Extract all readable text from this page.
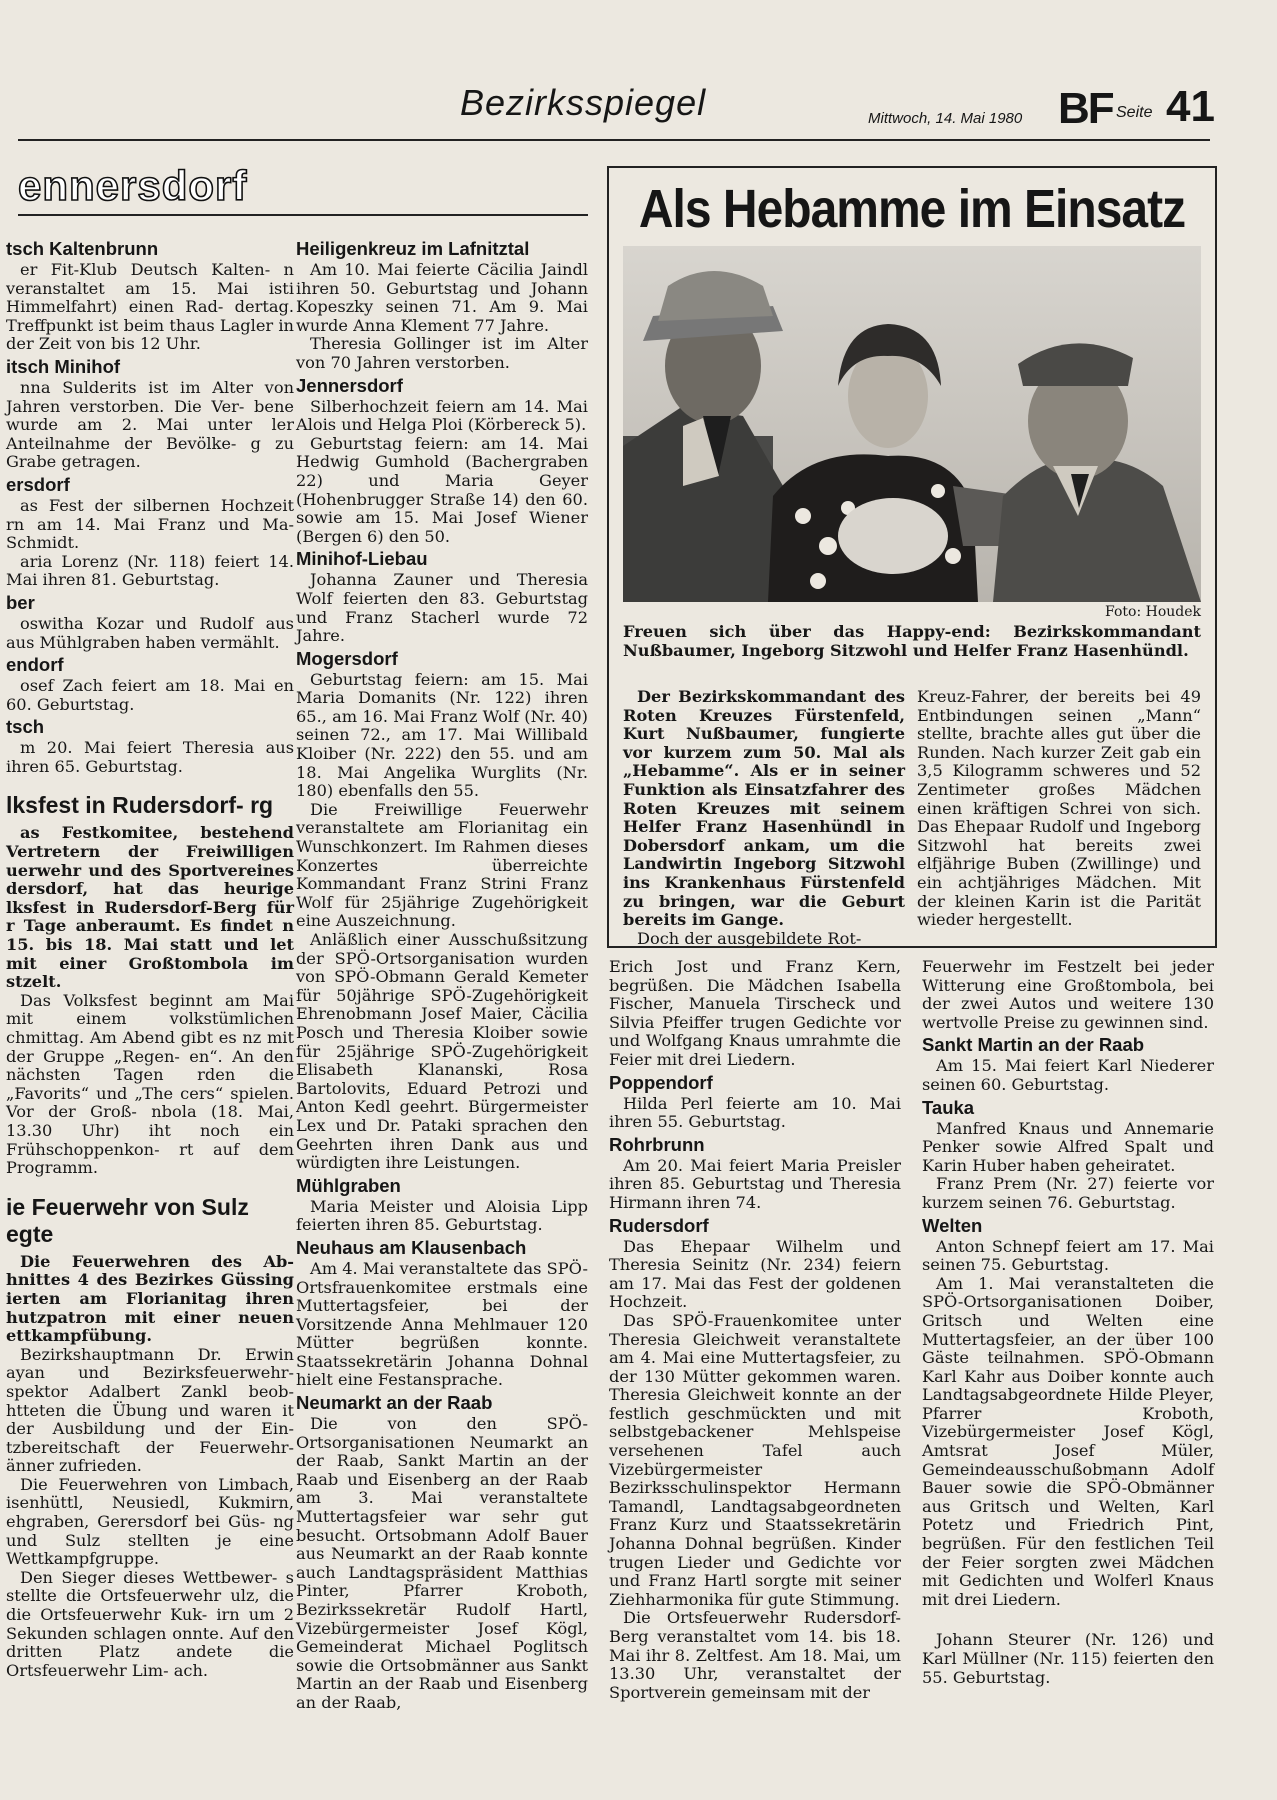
Bezirksspiegel	Mittwoch, 14. Mai 1980 BF Seite 41
ennersdorf
tsch Kaltenbrunn

er Fit-Klub Deutsch Kalten- n veranstaltet am 15. Mai isti Himmelfahrt) einen Rad- dertag. Treffpunkt ist beim thaus Lagler in der Zeit von bis 12 Uhr.

itsch Minihof

nna Sulderits ist im Alter von Jahren verstorben. Die Ver- bene wurde am 2. Mai unter ler Anteilnahme der Bevölke- g zu Grabe getragen.

ersdorf

as Fest der silbernen Hochzeit rn am 14. Mai Franz und Ma- Schmidt.

aria Lorenz (Nr. 118) feiert 14. Mai ihren 81. Geburtstag.

ber

oswitha Kozar und Rudolf aus aus Mühlgraben haben vermählt.

endorf

osef Zach feiert am 18. Mai en 60. Geburtstag.

tsch

m 20. Mai feiert Theresia aus ihren 65. Geburtstag.

lksfest in Rudersdorf- rg

as Festkomitee, bestehend Vertretern der Freiwilligen uerwehr und des Sportvereines dersdorf, hat das heurige lksfest in Rudersdorf-Berg für r Tage anberaumt. Es findet n 15. bis 18. Mai statt und let mit einer Großtombola im stzelt.

Das Volksfest beginnt am Mai mit einem volkstümlichen chmittag. Am Abend gibt es nz mit der Gruppe „Regen- en“. An den nächsten Tagen rden die „Favorits“ und „The cers“ spielen. Vor der Groß- nbola (18. Mai, 13.30 Uhr) iht noch ein Frühschoppenkon- rt auf dem Programm.

ie Feuerwehr von Sulz egte

Die Feuerwehren des Ab- hnittes 4 des Bezirkes Güssing ierten am Florianitag ihren hutzpatron mit einer neuen ettkampfübung.

Bezirkshauptmann Dr. Erwin ayan und Bezirksfeuerwehr- spektor Adalbert Zankl beob- htteten die Übung und waren it der Ausbildung und der Ein- tzbereitschaft der Feuerwehr- änner zufrieden.

Die Feuerwehren von Limbach, isenhüttl, Neusiedl, Kukmirn, ehgraben, Gerersdorf bei Güs- ng und Sulz stellten je eine Wettkampfgruppe.

Den Sieger dieses Wettbewer- s stellte die Ortsfeuerwehr ulz, die die Ortsfeuerwehr Kuk- irn um 2 Sekunden schlagen onnte. Auf den dritten Platz andete die Ortsfeuerwehr Lim- ach.

Heiligenkreuz im Lafnitztal

Am 10. Mai feierte Cäcilia Jaindl ihren 50. Geburtstag und Johann Kopeszky seinen 71. Am 9. Mai wurde Anna Klement 77 Jahre.

Theresia Gollinger ist im Alter von 70 Jahren verstorben.

Jennersdorf

Silberhochzeit feiern am 14. Mai Alois und Helga Ploi (Körbereck 5).

Geburtstag feiern: am 14. Mai Hedwig Gumhold (Bachergraben 22) und Maria Geyer (Hohenbrugger Straße 14) den 60. sowie am 15. Mai Josef Wiener (Bergen 6) den 50.

Minihof-Liebau

Johanna Zauner und Theresia Wolf feierten den 83. Geburtstag und Franz Stacherl wurde 72 Jahre.

Mogersdorf

Geburtstag feiern: am 15. Mai Maria Domanits (Nr. 122) ihren 65., am 16. Mai Franz Wolf (Nr. 40) seinen 72., am 17. Mai Willibald Kloiber (Nr. 222) den 55. und am 18. Mai Angelika Wurglits (Nr. 180) ebenfalls den 55.

Die Freiwillige Feuerwehr veranstaltete am Florianitag ein Wunschkonzert. Im Rahmen dieses Konzertes überreichte Kommandant Franz Strini Franz Wolf für 25jährige Zugehörigkeit eine Auszeichnung.

Anläßlich einer Ausschußsitzung der SPÖ-Ortsorganisation wurden von SPÖ-Obmann Gerald Kemeter für 50jährige SPÖ-Zugehörigkeit Ehrenobmann Josef Maier, Cäcilia Posch und Theresia Kloiber sowie für 25jährige SPÖ-Zugehörigkeit Elisabeth Klananski, Rosa Bartolovits, Eduard Petrozi und Anton Kedl geehrt. Bürgermeister Lex und Dr. Pataki sprachen den Geehrten ihren Dank aus und würdigten ihre Leistungen.

Mühlgraben

Maria Meister und Aloisia Lipp feierten ihren 85. Geburtstag.

Neuhaus am Klausenbach

Am 4. Mai veranstaltete das SPÖ-Ortsfrauenkomitee erstmals eine Muttertagsfeier, bei der Vorsitzende Anna Mehlmauer 120 Mütter begrüßen konnte. Staatssekretärin Johanna Dohnal hielt eine Festansprache.

Neumarkt an der Raab

Die von den SPÖ-Ortsorganisationen Neumarkt an der Raab, Sankt Martin an der Raab und Eisenberg an der Raab am 3. Mai veranstaltete Muttertagsfeier war sehr gut besucht. Ortsobmann Adolf Bauer aus Neumarkt an der Raab konnte auch Landtagspräsident Matthias Pinter, Pfarrer Kroboth, Bezirkssekretär Rudolf Hartl, Vizebürgermeister Josef Kögl, Gemeinderat Michael Poglitsch sowie die Ortsobmänner aus Sankt Martin an der Raab und Eisenberg an der Raab,

Als Hebamme im Einsatz
Foto: Houdek
Freuen sich über das Happy-end: Bezirkskommandant Nußbaumer, Ingeborg Sitzwohl und Helfer Franz Hasenhündl.

Der Bezirkskommandant des Roten Kreuzes Fürstenfeld, Kurt Nußbaumer, fungierte vor kurzem zum 50. Mal als „Hebamme“. Als er in seiner Funktion als Einsatzfahrer des Roten Kreuzes mit seinem Helfer Franz Hasenhündl in Dobersdorf ankam, um die Landwirtin Ingeborg Sitzwohl ins Krankenhaus Fürstenfeld zu bringen, war die Geburt bereits im Gange.

Doch der ausgebildete Rot-

Kreuz-Fahrer, der bereits bei 49 Entbindungen seinen „Mann“ stellte, brachte alles gut über die Runden. Nach kurzer Zeit gab ein 3,5 Kilogramm schweres und 52 Zentimeter großes Mädchen einen kräftigen Schrei von sich. Das Ehepaar Rudolf und Ingeborg Sitzwohl hat bereits zwei elfjährige Buben (Zwillinge) und ein achtjähriges Mädchen. Mit der kleinen Karin ist die Parität wieder hergestellt.

Erich Jost und Franz Kern, begrüßen. Die Mädchen Isabella Fischer, Manuela Tirscheck und Silvia Pfeiffer trugen Gedichte vor und Wolfgang Knaus umrahmte die Feier mit drei Liedern.

Poppendorf

Hilda Perl feierte am 10. Mai ihren 55. Geburtstag.

Rohrbrunn

Am 20. Mai feiert Maria Preisler ihren 85. Geburtstag und Theresia Hirmann ihren 74.

Rudersdorf

Das Ehepaar Wilhelm und Theresia Seinitz (Nr. 234) feiern am 17. Mai das Fest der goldenen Hochzeit.

Das SPÖ-Frauenkomitee unter Theresia Gleichweit veranstaltete am 4. Mai eine Muttertagsfeier, zu der 130 Mütter gekommen waren. Theresia Gleichweit konnte an der festlich geschmückten und mit selbstgebackener Mehlspeise versehenen Tafel auch Vizebürgermeister Bezirksschulinspektor Hermann Tamandl, Landtagsabgeordneten Franz Kurz und Staatssekretärin Johanna Dohnal begrüßen. Kinder trugen Lieder und Gedichte vor und Franz Hartl sorgte mit seiner Ziehharmonika für gute Stimmung.

Die Ortsfeuerwehr Rudersdorf-Berg veranstaltet vom 14. bis 18. Mai ihr 8. Zeltfest. Am 18. Mai, um 13.30 Uhr, veranstaltet der Sportverein gemeinsam mit der

Feuerwehr im Festzelt bei jeder Witterung eine Großtombola, bei der zwei Autos und weitere 130 wertvolle Preise zu gewinnen sind.

Sankt Martin an der Raab

Am 15. Mai feiert Karl Niederer seinen 60. Geburtstag.

Tauka

Manfred Knaus und Annemarie Penker sowie Alfred Spalt und Karin Huber haben geheiratet.

Franz Prem (Nr. 27) feierte vor kurzem seinen 76. Geburtstag.

Welten

Anton Schnepf feiert am 17. Mai seinen 75. Geburtstag.

Am 1. Mai veranstalteten die SPÖ-Ortsorganisationen Doiber, Gritsch und Welten eine Muttertagsfeier, an der über 100 Gäste teilnahmen. SPÖ-Obmann Karl Kahr aus Doiber konnte auch Landtagsabgeordnete Hilde Pleyer, Pfarrer Kroboth, Vizebürgermeister Josef Kögl, Amtsrat Josef Müler, Gemeindeausschußobmann Adolf Bauer sowie die SPÖ-Obmänner aus Gritsch und Welten, Karl Potetz und Friedrich Pint, begrüßen. Für den festlichen Teil der Feier sorgten zwei Mädchen mit Gedichten und Wolferl Knaus mit drei Liedern.

Johann Steurer (Nr. 126) und Karl Müllner (Nr. 115) feierten den 55. Geburtstag.
